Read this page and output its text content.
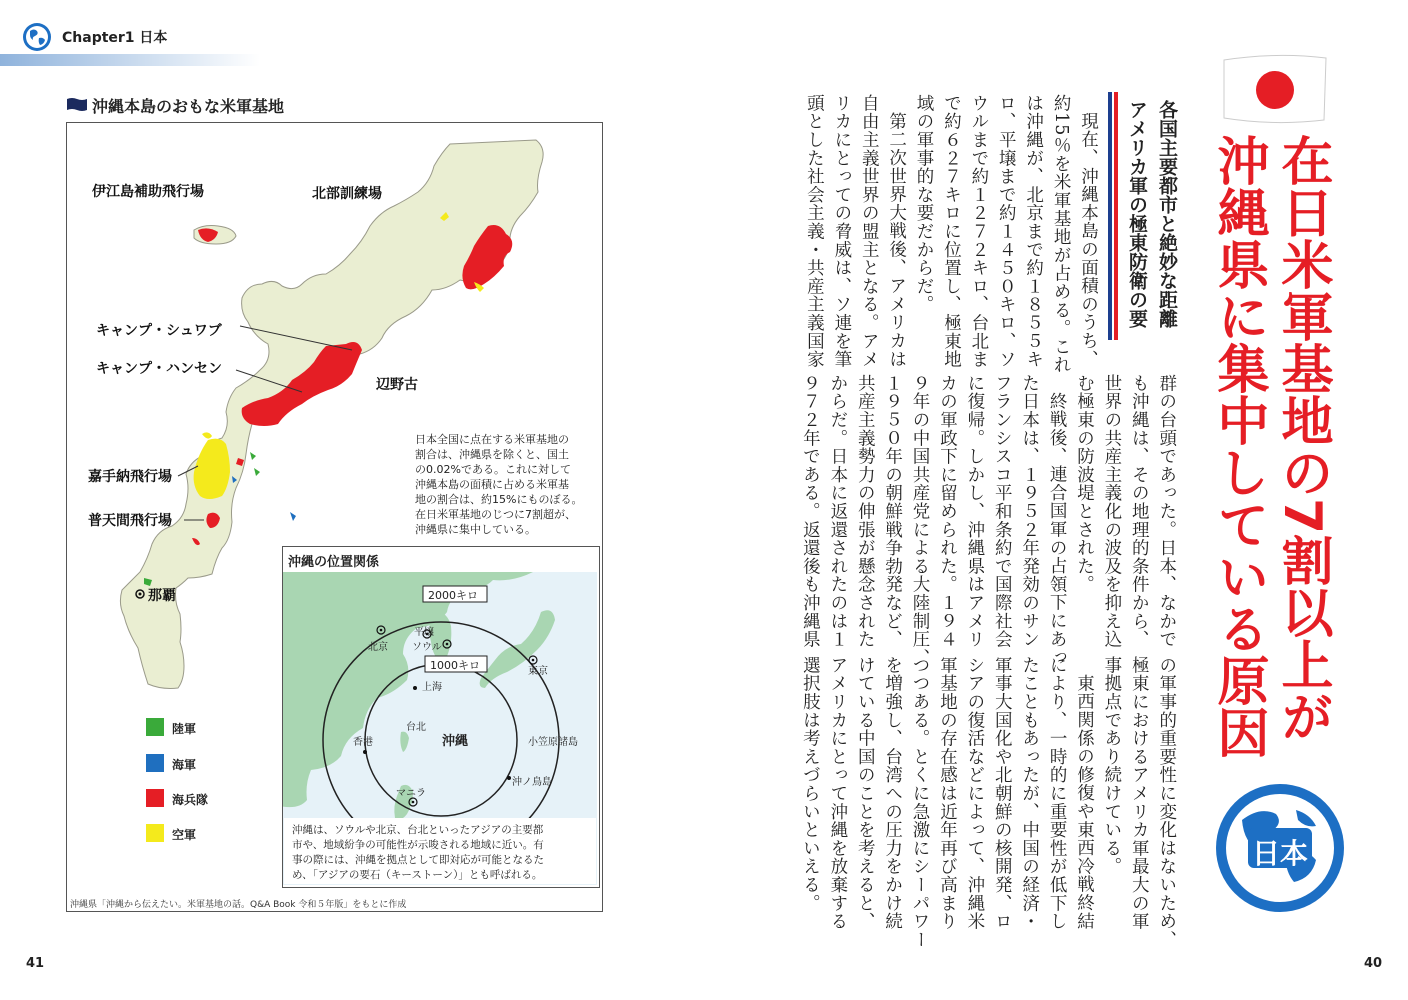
Chapter1 日本
沖縄本島のおもな米軍基地
伊江島補助飛行場	北部訓練場
キャンプ・シュワブ
キャンプ・ハンセン
辺野古
嘉手納飛行場
普天間飛行場
那覇
日本全国に点在する米軍基地の
割合は、沖縄県を除くと、国土
の0.02%である。これに対して
沖縄本島の面積に占める米軍基
地の割合は、約15%にものぼる。
在日米軍基地のじつに7割超が、
沖縄県に集中している。
陸軍
海軍
海兵隊
空軍
沖縄の位置関係
2000キロ
1000キロ
北京
平壌
ソウル
東京
上海
台北
香港	沖縄	小笠原諸島
沖ノ鳥島
マニラ
沖縄は、ソウルや北京、台北といったアジアの主要都
市や、地域紛争の可能性が示唆される地域に近い。有
事の際には、沖縄を拠点として即対応が可能となるた
め、「アジアの要石（キーストーン）」とも呼ばれる。
沖縄県「沖縄から伝えたい。米軍基地の話。Q&A Book 令和５年版」をもとに作成
41
在日米軍基地の7割以上が
沖縄県に集中している原因
日本
各国主要都市と絶妙な距離
アメリカ軍の極東防衛の要
現在、沖縄本島の面積のうち、
約15％を米軍基地が占める。これ
は沖縄が、北京まで約１８５５キ
ロ、平壌まで約１４５０キロ、ソ
ウルまで約１２７２キロ、台北ま
で約６２７キロに位置し、極東地
域の軍事的な要だからだ。
第二次世界大戦後、アメリカは
自由主義世界の盟主となる。アメ
リカにとっての脅威は、ソ連を筆
頭とした社会主義・共産主義国家
群の台頭であった。日本、なかで
も沖縄は、その地理的条件から、
世界の共産主義化の波及を抑え込
む極東の防波堤とされた。
終戦後、連合国軍の占領下にあっ
た日本は、１９５２年発効のサン
フランシスコ平和条約で国際社会
に復帰。しかし、沖縄県はアメリ
カの軍政下に留められた。１９４
９年の中国共産党による大陸制圧、
１９５０年の朝鮮戦争勃発など、
共産主義勢力の伸張が懸念された
からだ。日本に返還されたのは１
９７２年である。返還後も沖縄県
の軍事的重要性に変化はないため、
極東におけるアメリカ軍最大の軍
事拠点であり続けている。
東西関係の修復や東西冷戦終結
により、一時的に重要性が低下し
たこともあったが、中国の経済・
軍事大国化や北朝鮮の核開発、ロ
シアの復活などによって、沖縄米
軍基地の存在感は近年再び高まり
つつある。とくに急激にシーパワー
を増強し、台湾への圧力をかけ続
けている中国のことを考えると、
アメリカにとって沖縄を放棄する
選択肢は考えづらいといえる。
40
